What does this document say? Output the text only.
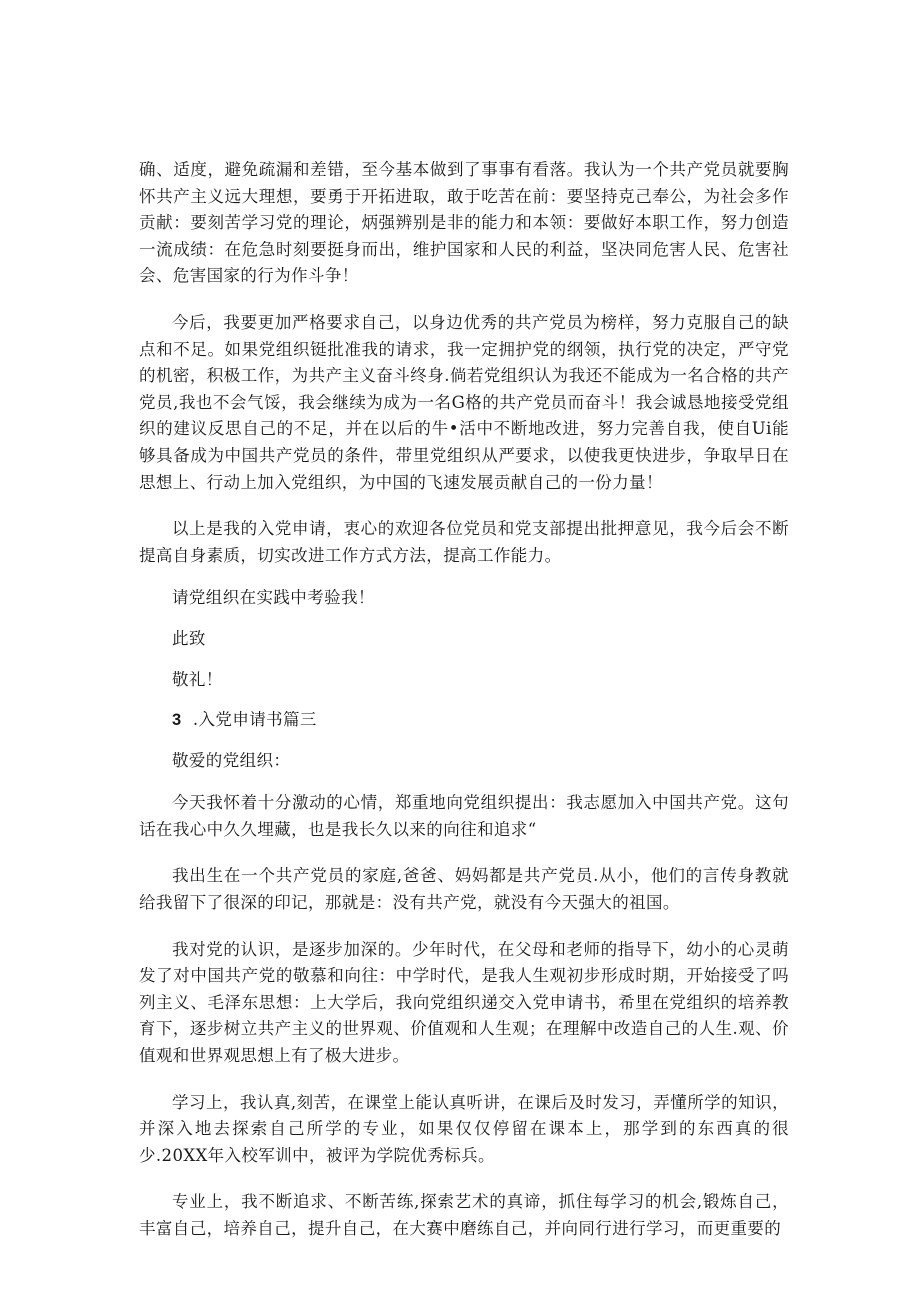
确、适度，避免疏漏和差错，至今基本做到了事事有看落。我认为一个共产党员就要胸怀共产主义远大理想，要勇于开拓进取，敢于吃苦在前：要坚持克己奉公，为社会多作贡献：要刻苦学习党的理论，炳强辨别是非的能力和本领：要做好本职工作，努力创造一流成绩：在危急时刻要挺身而出，维护国家和人民的利益，坚决同危害人民、危害社会、危害国家的行为作斗争！

今后，我要更加严格要求自己，以身边优秀的共产党员为榜样，努力克服自己的缺点和不足。如果党组织铤批准我的请求，我一定拥护党的纲领，执行党的决定，严守党的机密，积极工作，为共产主义奋斗终身.倘若党组织认为我还不能成为一名合格的共产党员,我也不会气馁，我会继续为成为一名G格的共产党员而奋斗！我会诚恳地接受党组织的建议反思自己的不足，并在以后的牛•活中不断地改进，努力完善自我，使自Ui能够具备成为中国共产党员的条件，带里党组织从严要求，以使我更快进步，争取早日在思想上、行动上加入党组织，为中国的飞速发展贡献自己的一份力量！

以上是我的入党申请，衷心的欢迎各位党员和党支部提出批押意见，我今后会不断提高自身素质，切实改进工作方式方法，提高工作能力。

请党组织在实践中考验我！

此致

敬礼！

3  .入党申请书篇三

敬爱的党组织：

今天我怀着十分激动的心情，郑重地向党组织提出：我志愿加入中国共产党。这句话在我心中久久埋藏，也是我长久以来的向往和追求“

我出生在一个共产党员的家庭,爸爸、妈妈都是共产党员.从小，他们的言传身教就给我留下了很深的印记，那就是：没有共产党，就没有今天强大的祖国。

我对党的认识，是逐步加深的。少年时代，在父母和老师的指导下，幼小的心灵萌发了对中国共产党的敬慕和向往：中学时代，是我人生观初步形成时期，开始接受了吗列主义、毛泽东思想：上大学后，我向党组织递交入党申请书，希里在党组织的培养教育下，逐步树立共产主义的世界观、价值观和人生观；在理解中改造自己的人生.观、价值观和世界观思想上有了极大进步。

学习上，我认真,刻苦，在课堂上能认真听讲，在课后及时发习，弄懂所学的知识，并深入地去探索自己所学的专业，如果仅仅停留在课本上，那学到的东西真的很少.20XX年入校军训中，被评为学院优秀标兵。

专业上，我不断追求、不断苦练,探索艺术的真谛，抓住每学习的机会,锻炼自己，丰富自己，培养自己，提升自己，在大赛中磨练自己，并向同行进行学习，而更重要的
